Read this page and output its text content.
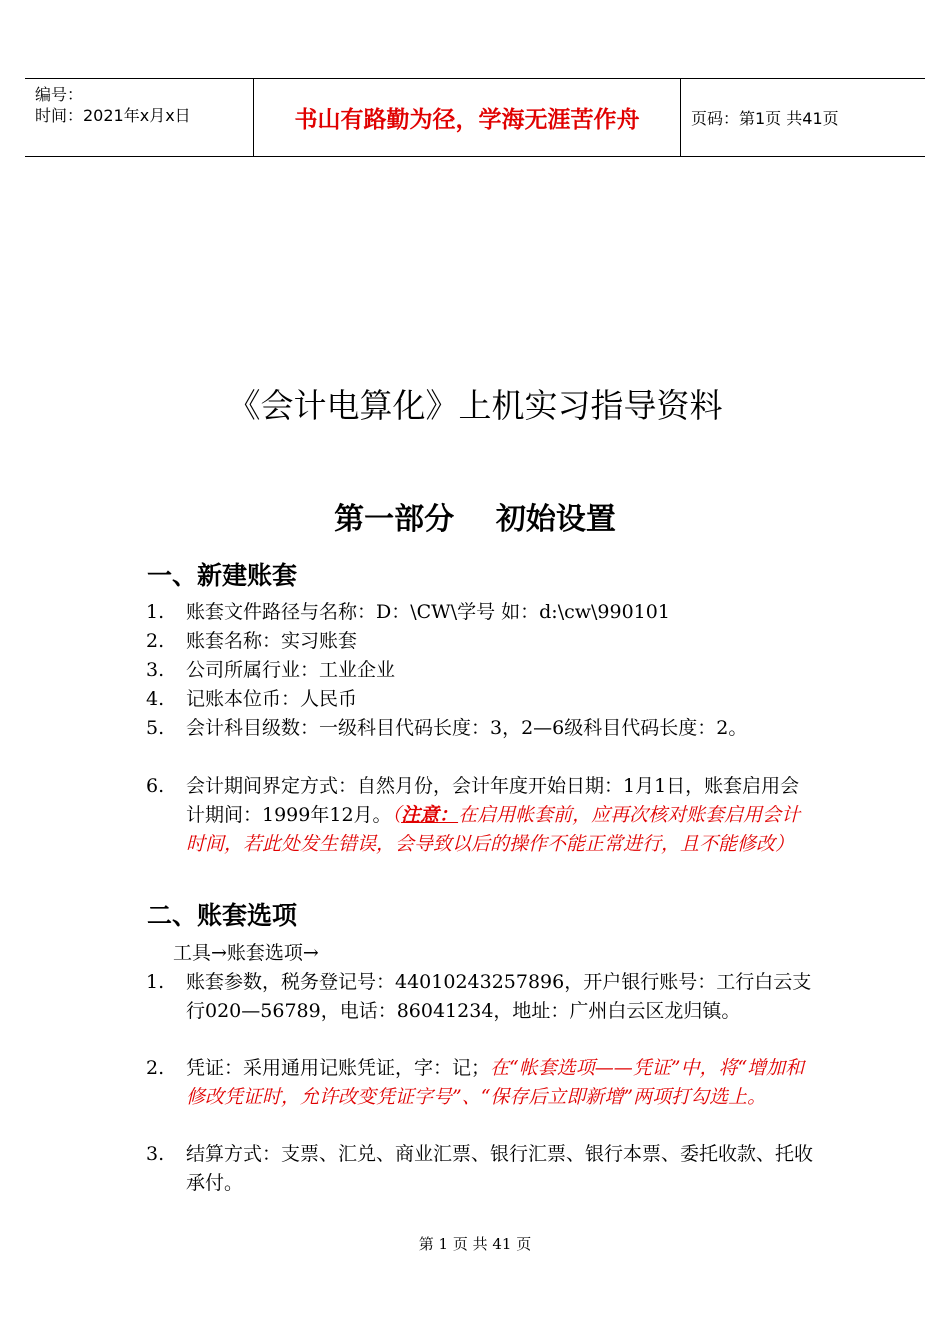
编号：
时间：2021年x月x日	书山有路勤为径，学海无涯苦作舟	页码：第1页 共41页
《会计电算化》上机实习指导资料
第一部分    初始设置
一、新建账套
1. 账套文件路径与名称：D：\CW\学号 如：d:\cw\990101
2. 账套名称：实习账套
3. 公司所属行业：工业企业
4. 记账本位币：人民币
5. 会计科目级数：一级科目代码长度：3，2—6级科目代码长度：2。
6. 会计期间界定方式：自然月份，会计年度开始日期：1月1日，账套启用会计期间：1999年12月。（注意：在启用帐套前，应再次核对账套启用会计时间，若此处发生错误，会导致以后的操作不能正常进行，且不能修改）
二、账套选项
工具→账套选项→
1. 账套参数，税务登记号：44010243257896，开户银行账号：工行白云支行020—56789，电话：86041234，地址：广州白云区龙归镇。
2. 凭证：采用通用记账凭证，字：记；在“帐套选项——凭证”中，将“增加和修改凭证时，允许改变凭证字号”、“保存后立即新增”两项打勾选上。
3. 结算方式：支票、汇兑、商业汇票、银行汇票、银行本票、委托收款、托收承付。
第 1 页 共 41 页
